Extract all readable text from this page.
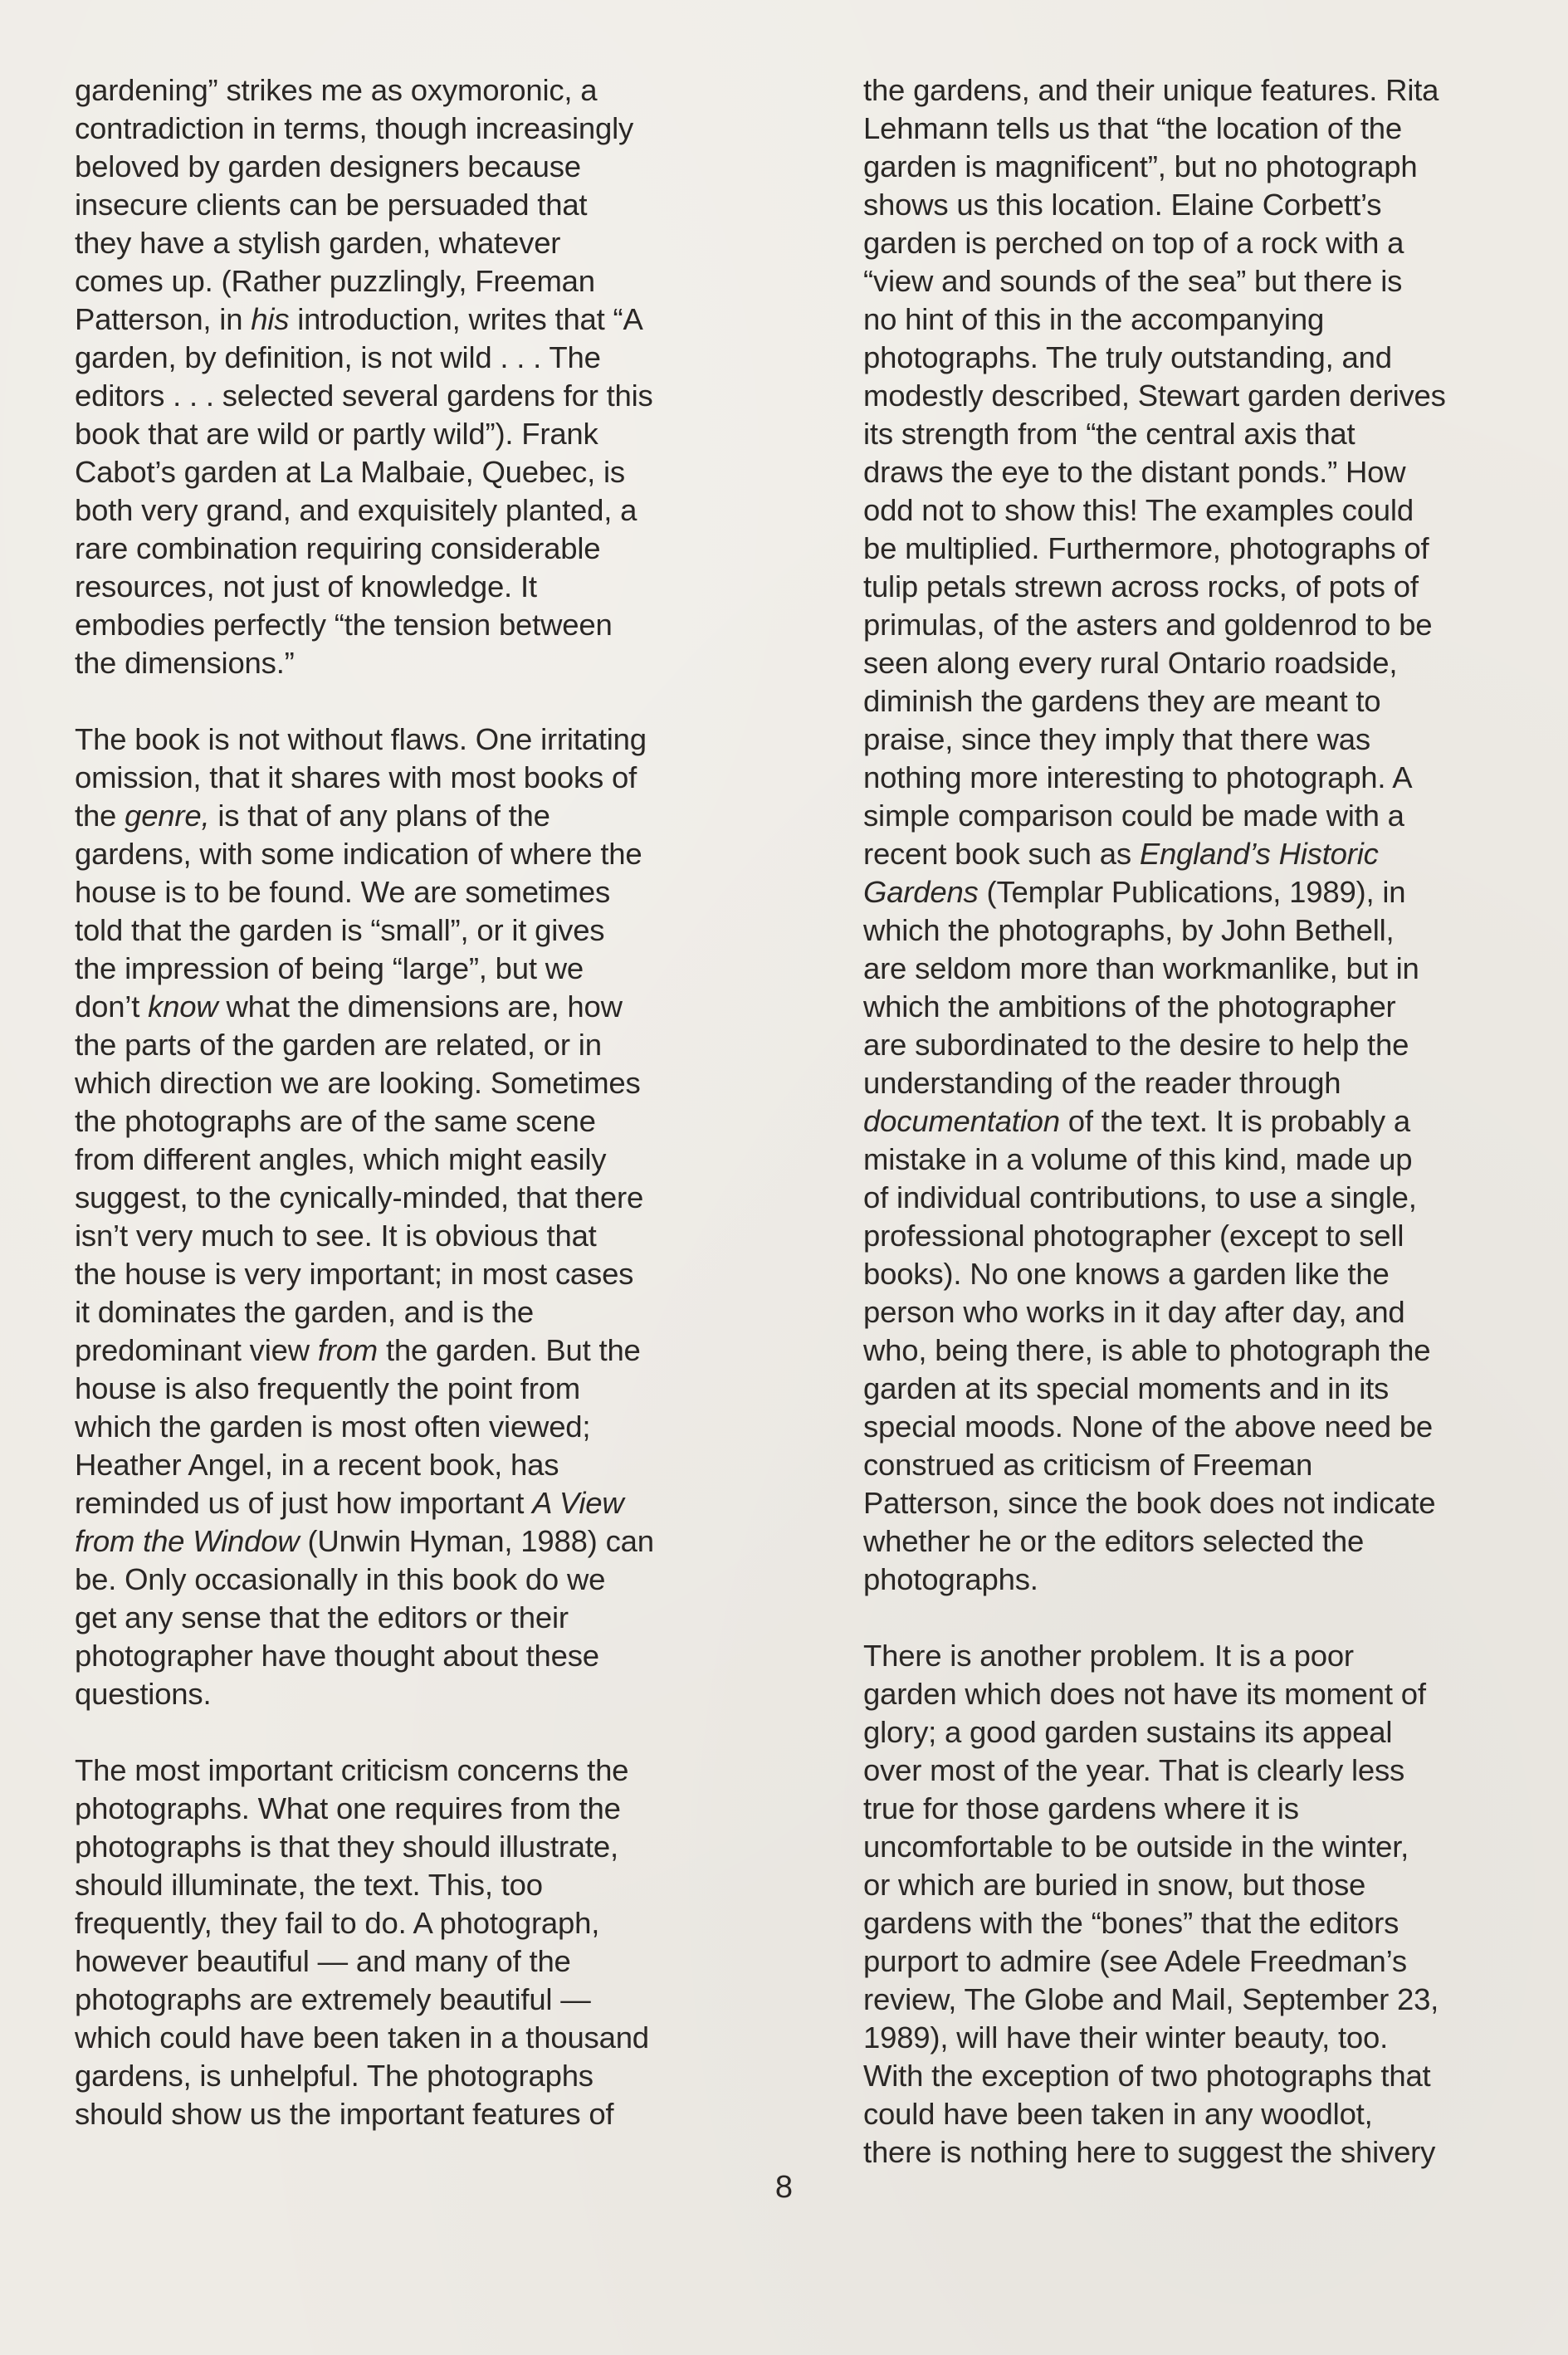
gardening” strikes me as oxymoronic, a
contradiction in terms, though increasingly
beloved by garden designers because
insecure clients can be persuaded that
they have a stylish garden, whatever
comes up. (Rather puzzlingly, Freeman
Patterson, in his introduction, writes that “A
garden, by definition, is not wild . . . The
editors . . . selected several gardens for this
book that are wild or partly wild”). Frank
Cabot’s garden at La Malbaie, Quebec, is
both very grand, and exquisitely planted, a
rare combination requiring considerable
resources, not just of knowledge. It
embodies perfectly “the tension between
the dimensions.”
The book is not without flaws. One irritating
omission, that it shares with most books of
the genre, is that of any plans of the
gardens, with some indication of where the
house is to be found. We are sometimes
told that the garden is “small”, or it gives
the impression of being “large”, but we
don’t know what the dimensions are, how
the parts of the garden are related, or in
which direction we are looking. Sometimes
the photographs are of the same scene
from different angles, which might easily
suggest, to the cynically-minded, that there
isn’t very much to see. It is obvious that
the house is very important; in most cases
it dominates the garden, and is the
predominant view from the garden. But the
house is also frequently the point from
which the garden is most often viewed;
Heather Angel, in a recent book, has
reminded us of just how important A View
from the Window (Unwin Hyman, 1988) can
be. Only occasionally in this book do we
get any sense that the editors or their
photographer have thought about these
questions.
The most important criticism concerns the
photographs. What one requires from the
photographs is that they should illustrate,
should illuminate, the text. This, too
frequently, they fail to do. A photograph,
however beautiful — and many of the
photographs are extremely beautiful —
which could have been taken in a thousand
gardens, is unhelpful. The photographs
should show us the important features of
the gardens, and their unique features. Rita
Lehmann tells us that “the location of the
garden is magnificent”, but no photograph
shows us this location. Elaine Corbett’s
garden is perched on top of a rock with a
“view and sounds of the sea” but there is
no hint of this in the accompanying
photographs. The truly outstanding, and
modestly described, Stewart garden derives
its strength from “the central axis that
draws the eye to the distant ponds.” How
odd not to show this! The examples could
be multiplied. Furthermore, photographs of
tulip petals strewn across rocks, of pots of
primulas, of the asters and goldenrod to be
seen along every rural Ontario roadside,
diminish the gardens they are meant to
praise, since they imply that there was
nothing more interesting to photograph. A
simple comparison could be made with a
recent book such as England’s Historic
Gardens (Templar Publications, 1989), in
which the photographs, by John Bethell,
are seldom more than workmanlike, but in
which the ambitions of the photographer
are subordinated to the desire to help the
understanding of the reader through
documentation of the text. It is probably a
mistake in a volume of this kind, made up
of individual contributions, to use a single,
professional photographer (except to sell
books). No one knows a garden like the
person who works in it day after day, and
who, being there, is able to photograph the
garden at its special moments and in its
special moods. None of the above need be
construed as criticism of Freeman
Patterson, since the book does not indicate
whether he or the editors selected the
photographs.
There is another problem. It is a poor
garden which does not have its moment of
glory; a good garden sustains its appeal
over most of the year. That is clearly less
true for those gardens where it is
uncomfortable to be outside in the winter,
or which are buried in snow, but those
gardens with the “bones” that the editors
purport to admire (see Adele Freedman’s
review, The Globe and Mail, September 23,
1989), will have their winter beauty, too.
With the exception of two photographs that
could have been taken in any woodlot,
there is nothing here to suggest the shivery
8
